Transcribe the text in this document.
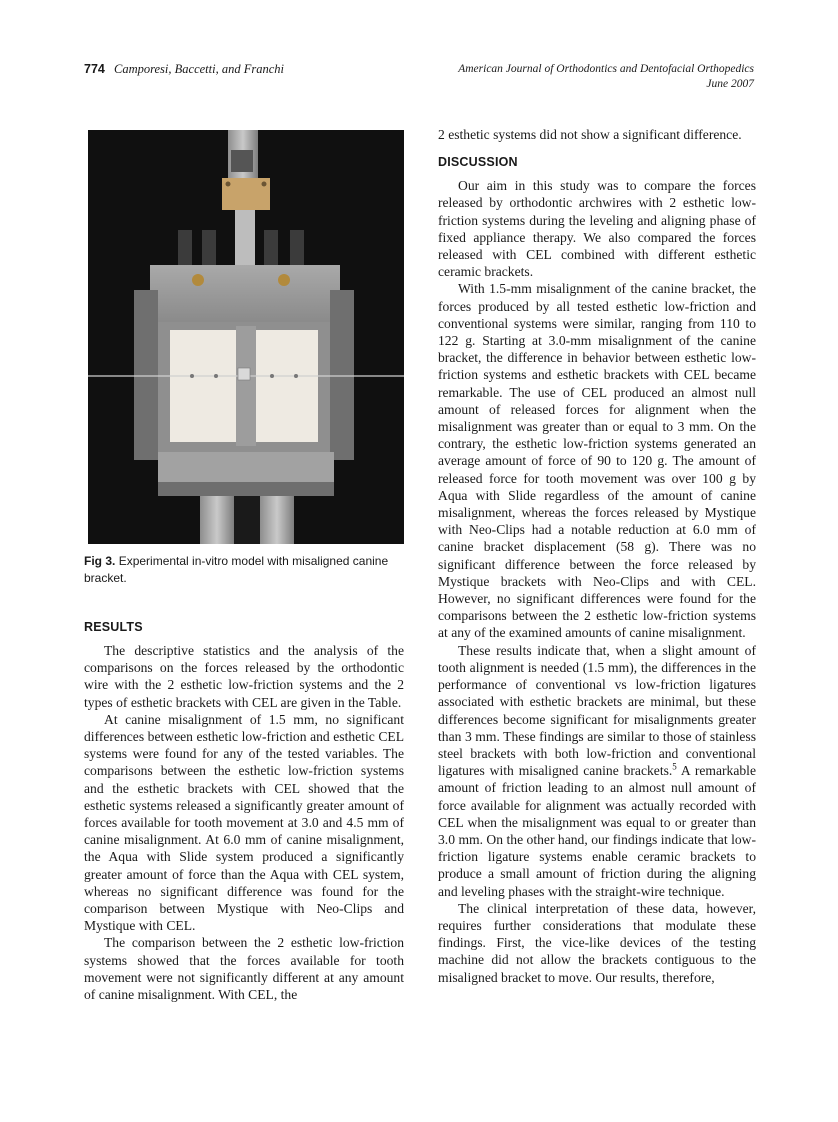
774 Camporesi, Baccetti, and Franchi	American Journal of Orthodontics and Dentofacial Orthopedics
June 2007
Fig 3. Experimental in-vitro model with misaligned canine bracket.
RESULTS

The descriptive statistics and the analysis of the comparisons on the forces released by the orthodontic wire with the 2 esthetic low-friction systems and the 2 types of esthetic brackets with CEL are given in the Table.

At canine misalignment of 1.5 mm, no significant differences between esthetic low-friction and esthetic CEL systems were found for any of the tested variables. The comparisons between the esthetic low-friction systems and the esthetic brackets with CEL showed that the esthetic systems released a significantly greater amount of forces available for tooth movement at 3.0 and 4.5 mm of canine misalignment. At 6.0 mm of canine misalignment, the Aqua with Slide system produced a significantly greater amount of force than the Aqua with CEL system, whereas no significant difference was found for the comparison between Mystique with Neo-Clips and Mystique with CEL.

The comparison between the 2 esthetic low-friction systems showed that the forces available for tooth movement were not significantly different at any amount of canine misalignment. With CEL, the

2 esthetic systems did not show a significant difference.

DISCUSSION

Our aim in this study was to compare the forces released by orthodontic archwires with 2 esthetic low-friction systems during the leveling and aligning phase of fixed appliance therapy. We also compared the forces released with CEL combined with different esthetic ceramic brackets.

With 1.5-mm misalignment of the canine bracket, the forces produced by all tested esthetic low-friction and conventional systems were similar, ranging from 110 to 122 g. Starting at 3.0-mm misalignment of the canine bracket, the difference in behavior between esthetic low-friction systems and esthetic brackets with CEL became remarkable. The use of CEL produced an almost null amount of released forces for alignment when the misalignment was greater than or equal to 3 mm. On the contrary, the esthetic low-friction systems generated an average amount of force of 90 to 120 g. The amount of released force for tooth movement was over 100 g by Aqua with Slide regardless of the amount of canine misalignment, whereas the forces released by Mystique with Neo-Clips had a notable reduction at 6.0 mm of canine bracket displacement (58 g). There was no significant difference between the force released by Mystique brackets with Neo-Clips and with CEL. However, no significant differences were found for the comparisons between the 2 esthetic low-friction systems at any of the examined amounts of canine misalignment.

These results indicate that, when a slight amount of tooth alignment is needed (1.5 mm), the differences in the performance of conventional vs low-friction ligatures associated with esthetic brackets are minimal, but these differences become significant for misalignments greater than 3 mm. These findings are similar to those of stainless steel brackets with both low-friction and conventional ligatures with misaligned canine brackets.$^5$ A remarkable amount of friction leading to an almost null amount of force available for alignment was actually recorded with CEL when the misalignment was equal to or greater than 3.0 mm. On the other hand, our findings indicate that low-friction ligature systems enable ceramic brackets to produce a small amount of friction during the aligning and leveling phases with the straight-wire technique.

The clinical interpretation of these data, however, requires further considerations that modulate these findings. First, the vice-like devices of the testing machine did not allow the brackets contiguous to the misaligned bracket to move. Our results, therefore,
